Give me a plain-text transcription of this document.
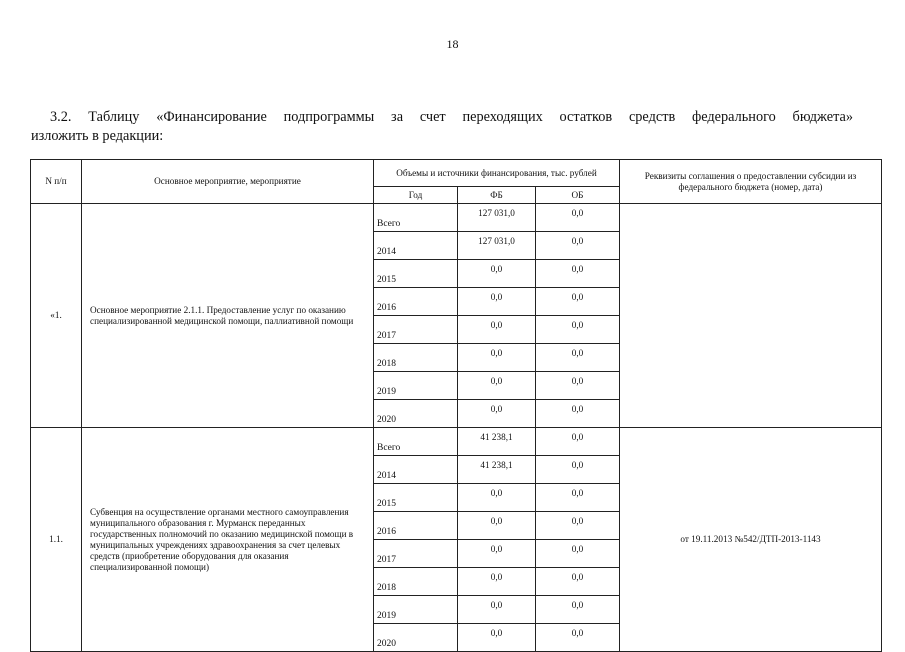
18
3.2. Таблицу «Финансирование подпрограммы за счет переходящих остатков средств федерального бюджета»
изложить в редакции:
N п/п	Основное мероприятие, мероприятие	Объемы и источники финансирования, тыс. рублей			Реквизиты соглашения о предоставлении субсидии из федерального бюджета (номер, дата)
		Год	ФБ	ОБ	
«1.	Основное мероприятие 2.1.1. Предоставление услуг по оказанию специализированной медицинской помощи, паллиативной помощи	Всего	127 031,0	0,0	
		2014	127 031,0	0,0	
		2015	0,0	0,0	
		2016	0,0	0,0	
		2017	0,0	0,0	
		2018	0,0	0,0	
		2019	0,0	0,0	
		2020	0,0	0,0	
1.1.	Субвенция на осуществление органами местного самоуправления муниципального образования г. Мурманск переданных государственных полномочий по оказанию медицинской помощи в муниципальных учреждениях здравоохранения за счет целевых средств (приобретение оборудования для оказания специализированной помощи)	Всего	41 238,1	0,0	от 19.11.2013 №542/ДТП-2013-1143
		2014	41 238,1	0,0	
		2015	0,0	0,0	
		2016	0,0	0,0	
		2017	0,0	0,0	
		2018	0,0	0,0	
		2019	0,0	0,0	
		2020	0,0	0,0	
